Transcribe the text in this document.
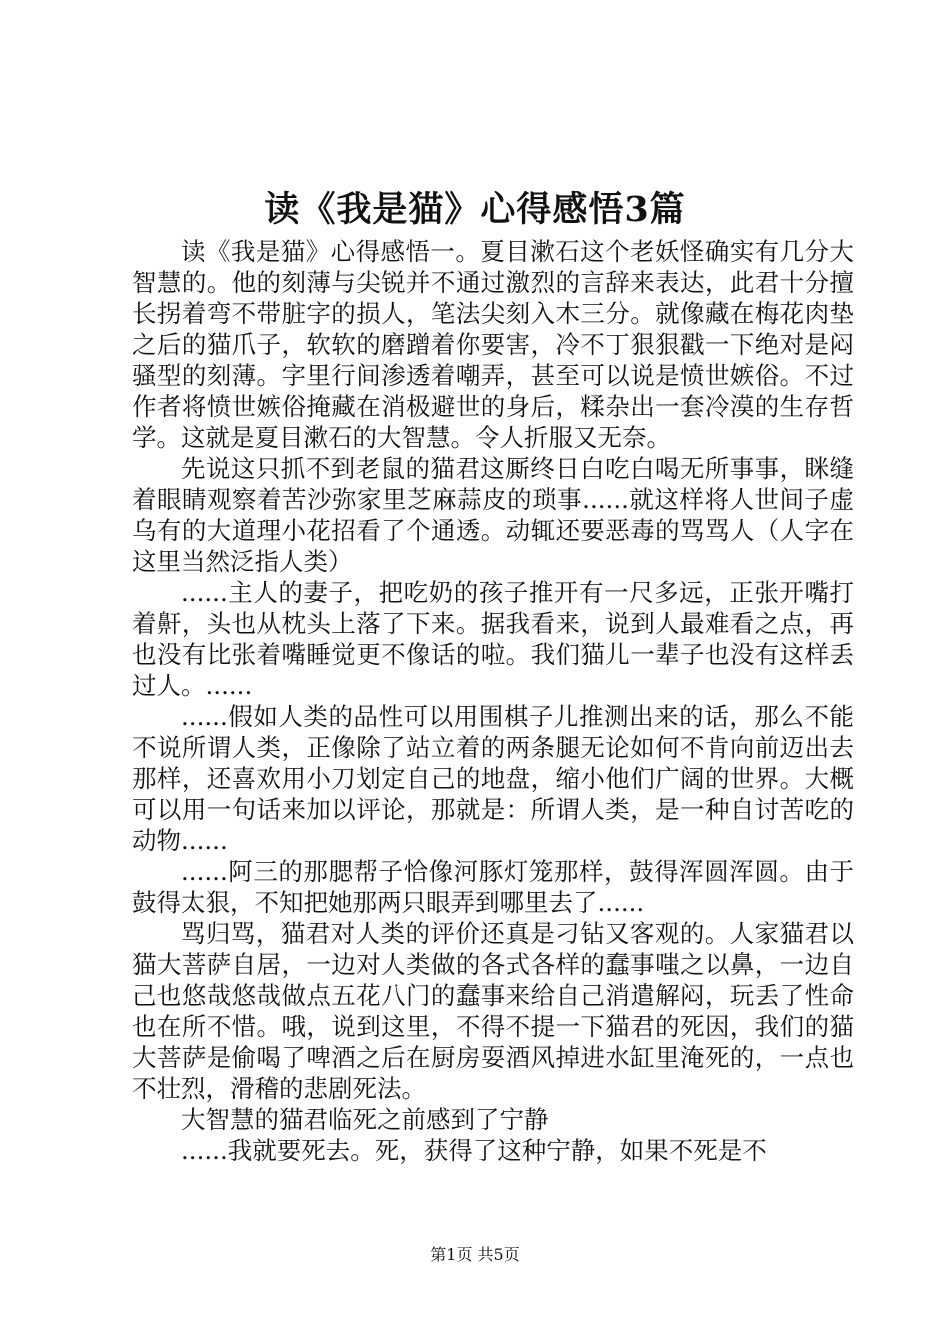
读《我是猫》心得感悟3篇

读《我是猫》心得感悟一。夏目漱石这个老妖怪确实有几分大智慧的。他的刻薄与尖锐并不通过激烈的言辞来表达，此君十分擅长拐着弯不带脏字的损人，笔法尖刻入木三分。就像藏在梅花肉垫之后的猫爪子，软软的磨蹭着你要害，冷不丁狠狠戳一下绝对是闷骚型的刻薄。字里行间渗透着嘲弄，甚至可以说是愤世嫉俗。不过作者将愤世嫉俗掩藏在消极避世的身后，糅杂出一套冷漠的生存哲学。这就是夏目漱石的大智慧。令人折服又无奈。

先说这只抓不到老鼠的猫君这厮终日白吃白喝无所事事，眯缝着眼睛观察着苦沙弥家里芝麻蒜皮的琐事......就这样将人世间子虚乌有的大道理小花招看了个通透。动辄还要恶毒的骂骂人（人字在这里当然泛指人类）

......主人的妻子，把吃奶的孩子推开有一尺多远，正张开嘴打着鼾，头也从枕头上落了下来。据我看来，说到人最难看之点，再也没有比张着嘴睡觉更不像话的啦。我们猫儿一辈子也没有这样丢过人。......

......假如人类的品性可以用围棋子儿推测出来的话，那么不能不说所谓人类，正像除了站立着的两条腿无论如何不肯向前迈出去那样，还喜欢用小刀划定自己的地盘，缩小他们广阔的世界。大概可以用一句话来加以评论，那就是：所谓人类，是一种自讨苦吃的动物......

......阿三的那腮帮子恰像河豚灯笼那样，鼓得浑圆浑圆。由于鼓得太狠，不知把她那两只眼弄到哪里去了......

骂归骂，猫君对人类的评价还真是刁钻又客观的。人家猫君以猫大菩萨自居，一边对人类做的各式各样的蠢事嗤之以鼻，一边自己也悠哉悠哉做点五花八门的蠢事来给自己消遣解闷，玩丢了性命也在所不惜。哦，说到这里，不得不提一下猫君的死因，我们的猫大菩萨是偷喝了啤酒之后在厨房耍酒风掉进水缸里淹死的，一点也不壮烈，滑稽的悲剧死法。

大智慧的猫君临死之前感到了宁静

......我就要死去。死，获得了这种宁静，如果不死是不

第1页 共5页
